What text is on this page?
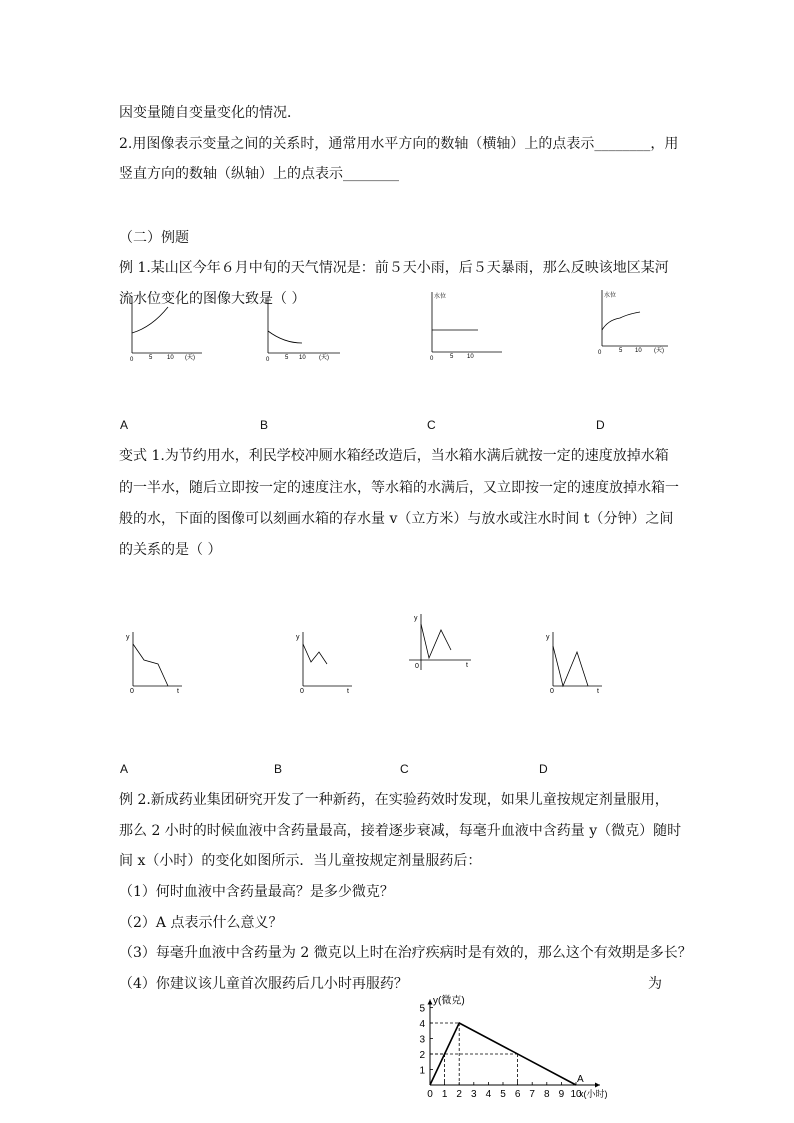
因变量随自变量变化的情况．
2.用图像表示变量之间的关系时，通常用水平方向的数轴（横轴）上的点表示________，用
竖直方向的数轴（纵轴）上的点表示________
（二）例题
例 1.某山区今年６月中旬的天气情况是：前５天小雨，后５天暴雨，那么反映该地区某河
流水位变化的图像大致是（ ）
0	5 10 (天)	0	5 10 (天)
水位
0	5 10
水位
0	5 10 (天)
A	B	C	D
变式 1.为节约用水，利民学校冲厕水箱经改造后，当水箱水满后就按一定的速度放掉水箱
的一半水，随后立即按一定的速度注水，等水箱的水满后，又立即按一定的速度放掉水箱一
般的水，下面的图像可以刻画水箱的存水量 v（立方米）与放水或注水时间 t（分钟）之间
的关系的是（ ）
y
0	t
y
0	t
y
0	t
y
0	t
A	B	C	D
例 2.新成药业集团研究开发了一种新药，在实验药效时发现，如果儿童按规定剂量服用，
那么 2 小时的时候血液中含药量最高，接着逐步衰减，每毫升血液中含药量 y（微克）随时
间 x（小时）的变化如图所示．当儿童按规定剂量服药后：
（1）何时血液中含药量最高？是多少微克？
（2）A 点表示什么意义？
（3）每毫升血液中含药量为 2 微克以上时在治疗疾病时是有效的，那么这个有效期是多长？
（4）你建议该儿童首次服药后几小时再服药？	为
0 1 2 3 4 5 6 7 8 9 10
1
2
3
4
5
y(微克)
x(小时)
A
